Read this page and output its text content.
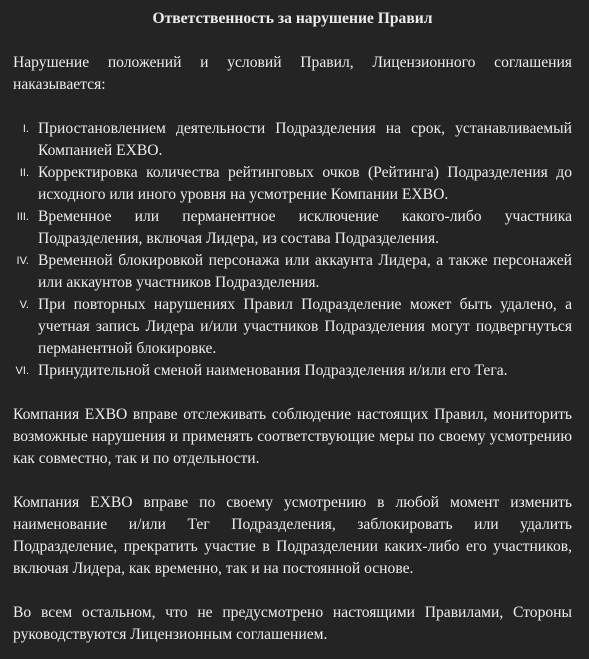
Ответственность за нарушение Правил

Нарушение положений и условий Правил, Лицензионного соглашения наказывается:

I. Приостановлением деятельности Подразделения на срок, устанавливаемый Компанией EXBO.
II. Корректировка количества рейтинговых очков (Рейтинга) Подразделения до исходного или иного уровня на усмотрение Компании EXBO.
III. Временное или перманентное исключение какого-либо участника Подразделения, включая Лидера, из состава Подразделения.
IV. Временной блокировкой персонажа или аккаунта Лидера, а также персонажей или аккаунтов участников Подразделения.
V. При повторных нарушениях Правил Подразделение может быть удалено, а учетная запись Лидера и/или участников Подразделения могут подвергнуться перманентной блокировке.
VI. Принудительной сменой наименования Подразделения и/или его Тега.

Компания EXBO вправе отслеживать соблюдение настоящих Правил, мониторить возможные нарушения и применять соответствующие меры по своему усмотрению как совместно, так и по отдельности.

Компания EXBO вправе по своему усмотрению в любой момент изменить наименование и/или Тег Подразделения, заблокировать или удалить Подразделение, прекратить участие в Подразделении каких-либо его участников, включая Лидера, как временно, так и на постоянной основе.

Во всем остальном, что не предусмотрено настоящими Правилами, Стороны руководствуются Лицензионным соглашением.
